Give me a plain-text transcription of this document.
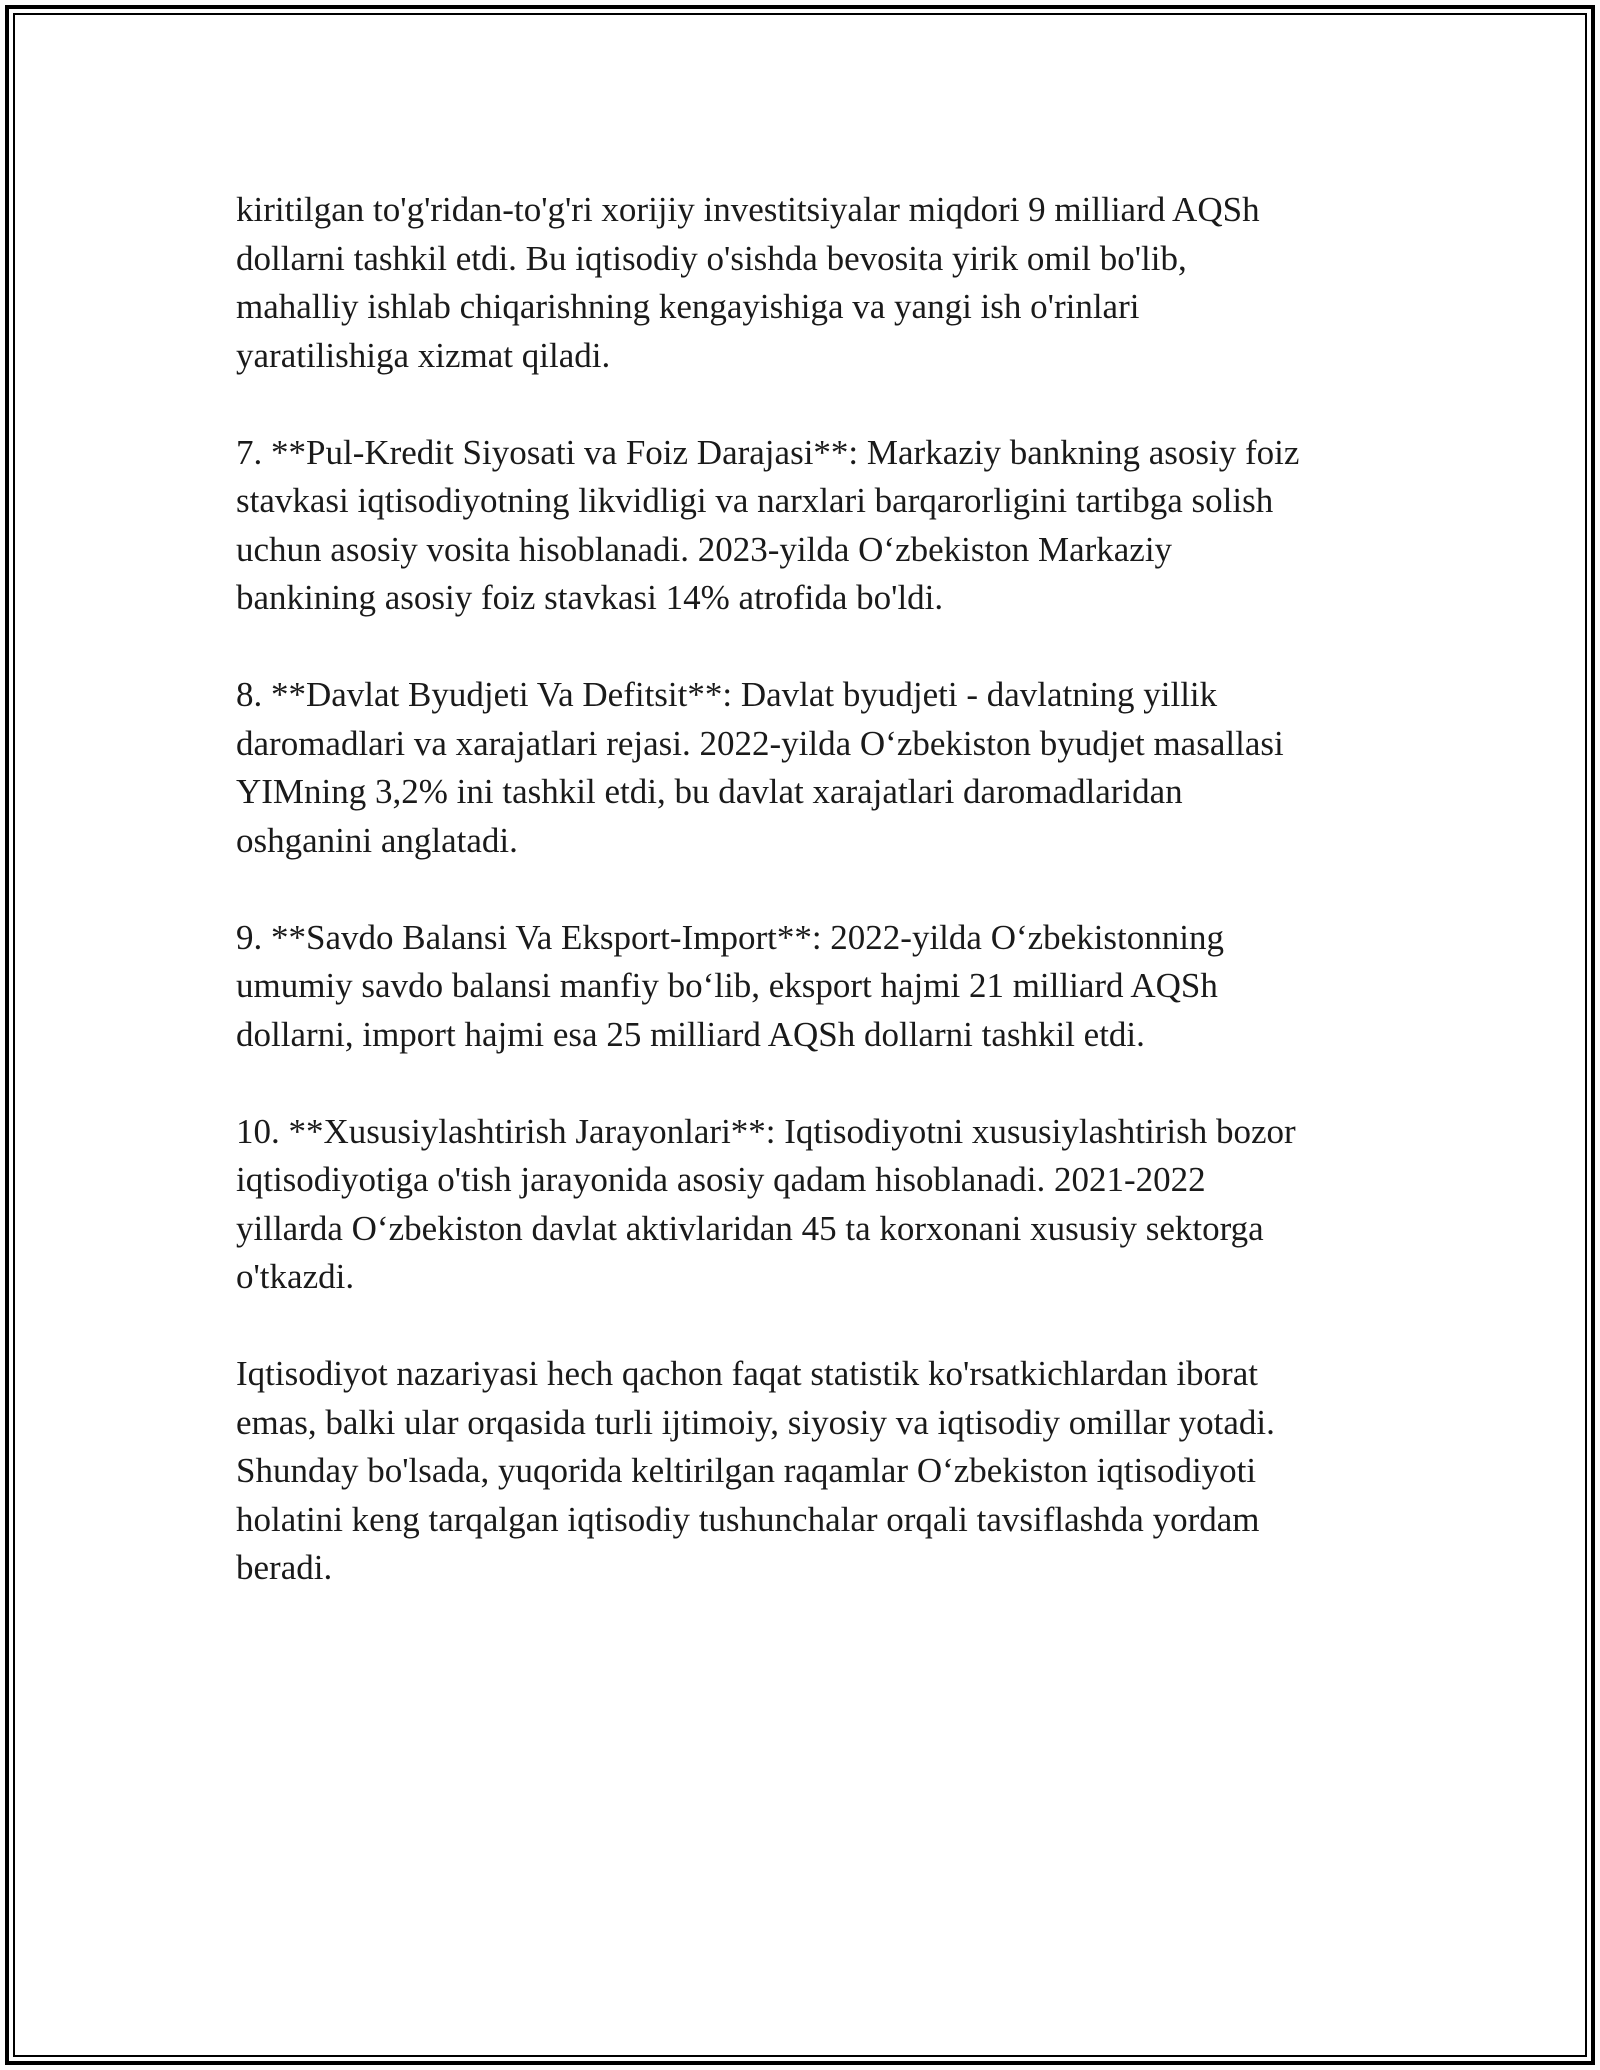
kiritilgan to'g'ridan-to'g'ri xorijiy investitsiyalar miqdori 9 milliard AQSh
dollarni tashkil etdi. Bu iqtisodiy o'sishda bevosita yirik omil bo'lib,
mahalliy ishlab chiqarishning kengayishiga va yangi ish o'rinlari
yaratilishiga xizmat qiladi.

7. **Pul-Kredit Siyosati va Foiz Darajasi**: Markaziy bankning asosiy foiz
stavkasi iqtisodiyotning likvidligi va narxlari barqarorligini tartibga solish
uchun asosiy vosita hisoblanadi. 2023-yilda O‘zbekiston Markaziy
bankining asosiy foiz stavkasi 14% atrofida bo'ldi.

8. **Davlat Byudjeti Va Defitsit**: Davlat byudjeti - davlatning yillik
daromadlari va xarajatlari rejasi. 2022-yilda O‘zbekiston byudjet masallasi
YIMning 3,2% ini tashkil etdi, bu davlat xarajatlari daromadlaridan
oshganini anglatadi.

9. **Savdo Balansi Va Eksport-Import**: 2022-yilda O‘zbekistonning
umumiy savdo balansi manfiy bo‘lib, eksport hajmi 21 milliard AQSh
dollarni, import hajmi esa 25 milliard AQSh dollarni tashkil etdi.

10. **Xususiylashtirish Jarayonlari**: Iqtisodiyotni xususiylashtirish bozor
iqtisodiyotiga o'tish jarayonida asosiy qadam hisoblanadi. 2021-2022
yillarda O‘zbekiston davlat aktivlaridan 45 ta korxonani xususiy sektorga
o'tkazdi.

Iqtisodiyot nazariyasi hech qachon faqat statistik ko'rsatkichlardan iborat
emas, balki ular orqasida turli ijtimoiy, siyosiy va iqtisodiy omillar yotadi.
Shunday bo'lsada, yuqorida keltirilgan raqamlar O‘zbekiston iqtisodiyoti
holatini keng tarqalgan iqtisodiy tushunchalar orqali tavsiflashda yordam
beradi.
